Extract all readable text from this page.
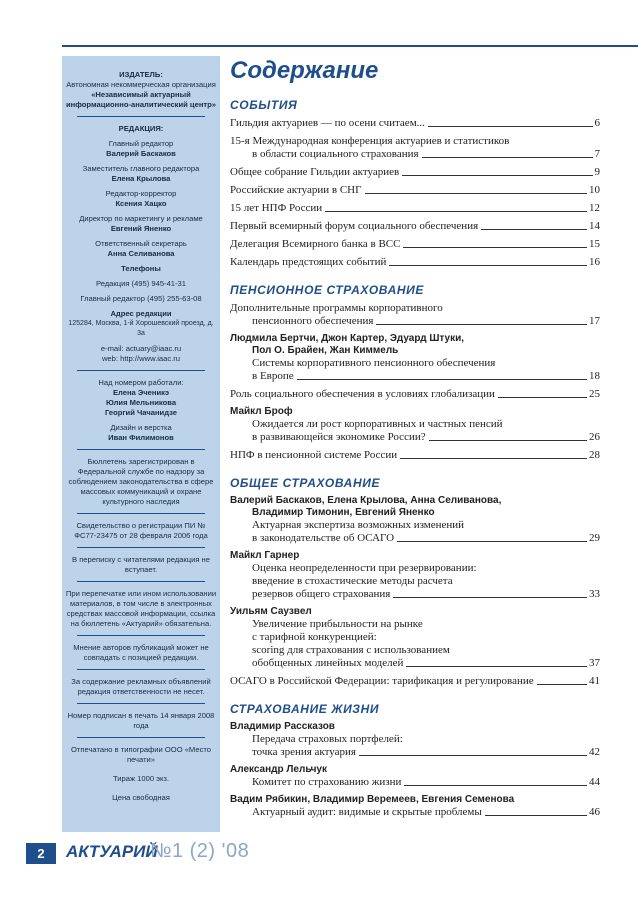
ИЗДАТЕЛЬ:
Автономная некоммерческая организация
«Независимый актуарный
информационно-аналитический центр»
РЕДАКЦИЯ:
Главный редактор
Валерий Баскаков
Заместитель главного редактора
Елена Крылова
Редактор-корректор
Ксения Хацко
Директор по маркетингу и рекламе
Евгений Яненко
Ответственный секретарь
Анна Селиванова
Телефоны
Редакция (495) 945-41-31
Главный редактор (495) 255-63-08
Адрес редакции
125284, Москва, 1-й Хорошевский проезд, д. 3а
e-mail: actuary@iaac.ru
web: http://www.iaac.ru
Над номером работали:
Елена Эченикэ
Юлия Мельникова
Георгий Чачанидзе
Дизайн и верстка
Иван Филимонов
Бюллетень зарегистрирован в Федеральной службе по надзору за соблюдением законодательства в сфере массовых коммуникаций и охране культурного наследия
Свидетельство о регистрации ПИ № ФС77-23475 от 28 февраля 2006 года
В переписку с читателями редакция не вступает.
При перепечатке или ином использовании материалов, в том числе в электронных средствах массовой информации, ссылка на бюллетень «Актуарий» обязательна.
Мнение авторов публикаций может не совпадать с позицией редакции.
За содержание рекламных объявлений редакция ответственности не несет.
Номер подписан в печать 14 января 2008 года
Отпечатано в типографии ООО «Место печати»
Тираж 1000 экз.
Цена свободная
Содержание
СОБЫТИЯ
Гильдия актуариев — по осени считаем...	6
15-я Международная конференция актуариев и статистиков
в области социального страхования	7
Общее собрание Гильдии актуариев	9
Российские актуарии в СНГ	10
15 лет НПФ России	12
Первый всемирный форум социального обеспечения	14
Делегация Всемирного банка в ВСС	15
Календарь предстоящих событий	16
ПЕНСИОННОЕ СТРАХОВАНИЕ
Дополнительные программы корпоративного
пенсионного обеспечения	17
Людмила Бертчи, Джон Картер, Эдуард Штуки,
Пол О. Брайен, Жан Киммель
Системы корпоративного пенсионного обеспечения
в Европе	18
Роль социального обеспечения в условиях глобализации	25
Майкл Броф
Ожидается ли рост корпоративных и частных пенсий
в развивающейся экономике России?	26
НПФ в пенсионной системе России	28
ОБЩЕЕ СТРАХОВАНИЕ
Валерий Баскаков, Елена Крылова, Анна Селиванова,
Владимир Тимонин, Евгений Яненко
Актуарная экспертиза возможных изменений
в законодательстве об ОСАГО	29
Майкл Гарнер
Оценка неопределенности при резервировании:
введение в стохастические методы расчета
резервов общего страхования	33
Уильям Саузвел
Увеличение прибыльности на рынке
с тарифной конкуренцией:
scoring для страхования с использованием
обобщенных линейных моделей	37
ОСАГО в Российской Федерации: тарификация и регулирование	41
СТРАХОВАНИЕ ЖИЗНИ
Владимир Рассказов
Передача страховых портфелей:
точка зрения актуария	42
Александр Лельчук
Комитет по страхованию жизни	44
Вадим Рябикин, Владимир Веремеев, Евгения Семенова
Актуарный аудит: видимые и скрытые проблемы	46
2	АКТУАРИЙ
№1 (2) '08
